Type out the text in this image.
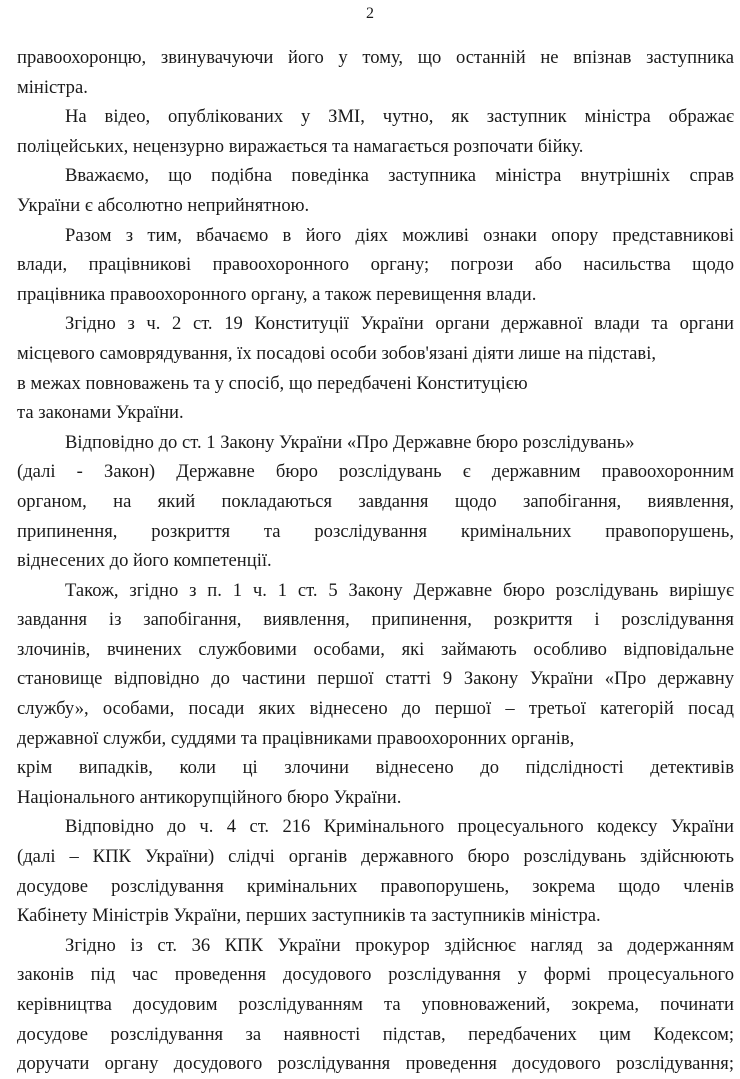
2
правоохоронцю, звинувачуючи його у тому, що останній не впізнав заступника
міністра.
На відео, опублікованих у ЗМІ, чутно, як заступник міністра ображає
поліцейських, нецензурно виражається та намагається розпочати бійку.
Вважаємо, що подібна поведінка заступника міністра внутрішніх справ
України є абсолютно неприйнятною.
Разом з тим, вбачаємо в його діях можливі ознаки опору представникові
влади, працівникові правоохоронного органу; погрози або насильства щодо
працівника правоохоронного органу, а також перевищення влади.
Згідно з ч. 2 ст. 19 Конституції України органи державної влади та органи
місцевого самоврядування, їх посадові особи зобов'язані діяти лише на підставі,
в межах повноважень та у спосіб, що передбачені Конституцією
та законами України.
Відповідно до ст. 1 Закону України «Про Державне бюро розслідувань»
(далі - Закон) Державне бюро розслідувань є державним правоохоронним
органом, на який покладаються завдання щодо запобігання, виявлення,
припинення, розкриття та розслідування кримінальних правопорушень,
віднесених до його компетенції.
Також, згідно з п. 1 ч. 1 ст. 5 Закону Державне бюро розслідувань вирішує
завдання із запобігання, виявлення, припинення, розкриття і розслідування
злочинів, вчинених службовими особами, які займають особливо відповідальне
становище відповідно до частини першої статті 9 Закону України «Про державну
службу», особами, посади яких віднесено до першої – третьої категорій посад
державної служби, суддями та працівниками правоохоронних органів,
крім випадків, коли ці злочини віднесено до підслідності детективів
Національного антикорупційного бюро України.
Відповідно до ч. 4 ст. 216 Кримінального процесуального кодексу України
(далі – КПК України) слідчі органів державного бюро розслідувань здійснюють
досудове розслідування кримінальних правопорушень, зокрема щодо членів
Кабінету Міністрів України, перших заступників та заступників міністра.
Згідно із ст. 36 КПК України прокурор здійснює нагляд за додержанням
законів під час проведення досудового розслідування у формі процесуального
керівництва досудовим розслідуванням та уповноважений, зокрема, починати
досудове розслідування за наявності підстав, передбачених цим Кодексом;
доручати органу досудового розслідування проведення досудового розслідування;
